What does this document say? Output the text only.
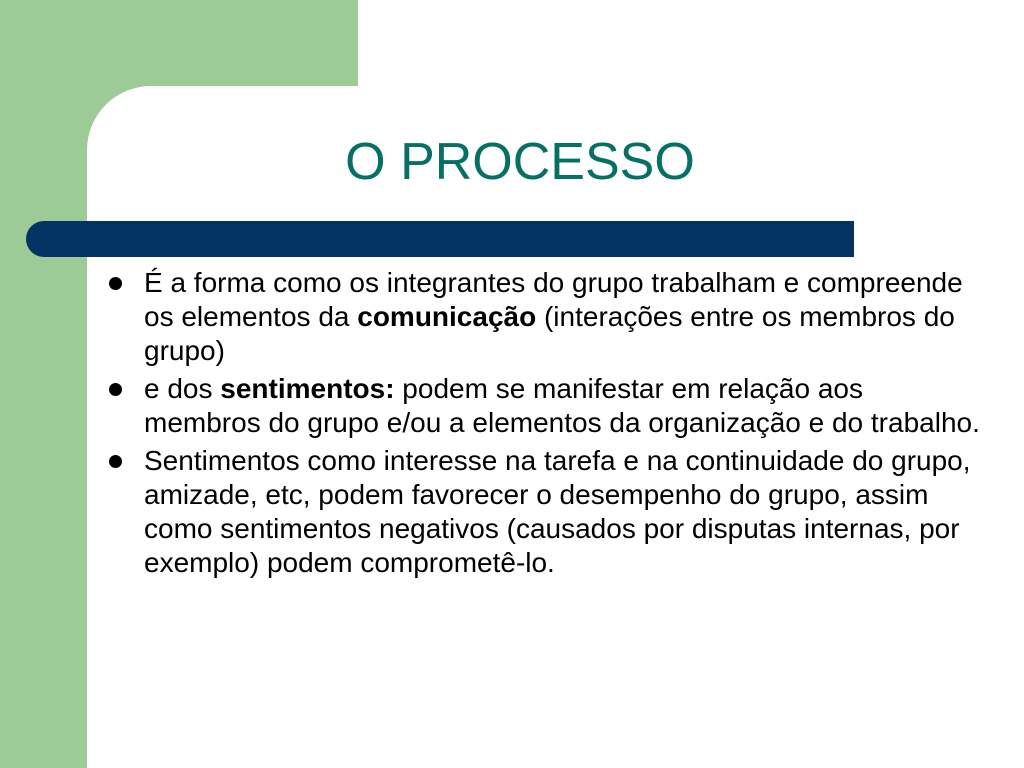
O PROCESSO
É a forma como os integrantes do grupo trabalham e compreende os elementos da comunicação (interações entre os membros do grupo)
e dos sentimentos: podem se manifestar em relação aos membros do grupo e/ou a elementos da organização e do trabalho.
Sentimentos como interesse na tarefa e na continuidade do grupo, amizade, etc, podem favorecer o desempenho do grupo, assim como sentimentos negativos (causados por disputas internas, por exemplo) podem comprometê-lo.
